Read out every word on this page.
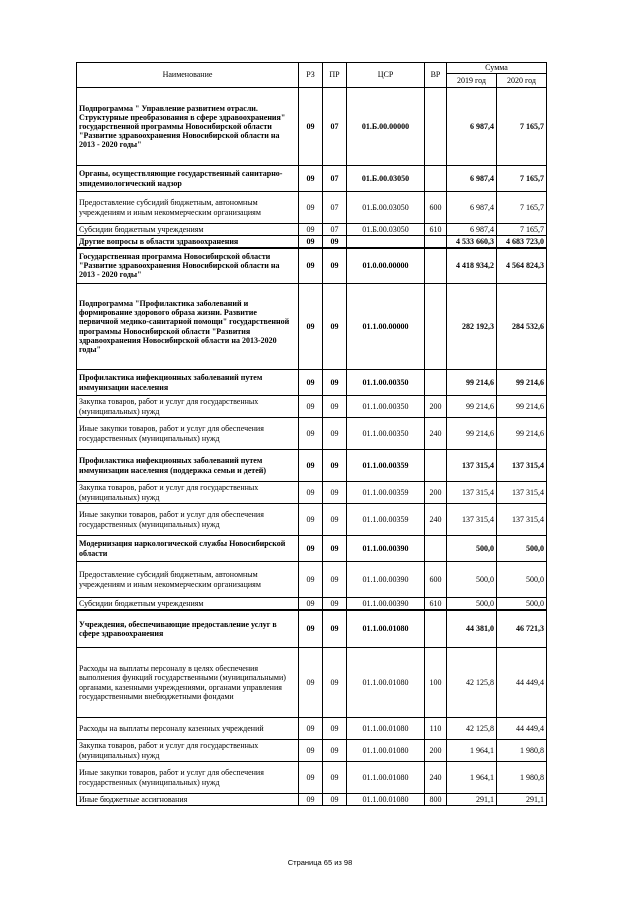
Наименование	РЗ	ПР	ЦСР	ВР	Сумма	
					2019 год	2020 год
Подпрограмма " Управление развитием отрасли. Структурные преобразования в сфере здравоохранения" государственной программы Новосибирской области "Развитие здравоохранения Новосибирской области на 2013 - 2020 годы"	09	07	01.Б.00.00000		6 987,4	7 165,7
Органы, осуществляющие государственный санитарно-эпидемиологический надзор	09	07	01.Б.00.03050		6 987,4	7 165,7
Предоставление субсидий бюджетным, автономным учреждениям и иным некоммерческим организациям	09	07	01.Б.00.03050	600	6 987,4	7 165,7
Субсидии бюджетным учреждениям	09	07	01.Б.00.03050	610	6 987,4	7 165,7
Другие вопросы в области здравоохранения	09	09			4 533 660,3	4 683 723,0
Государственная программа Новосибирской области "Развитие здравоохранения Новосибирской области на 2013 - 2020 годы"	09	09	01.0.00.00000		4 418 934,2	4 564 824,3
Подпрограмма "Профилактика заболеваний и формирование здорового образа жизни. Развитие первичной медико-санитарной помощи" государственной программы Новосибирской области "Развития здравоохранения Новосибирской области на 2013-2020 годы"	09	09	01.1.00.00000		282 192,3	284 532,6
Профилактика инфекционных заболеваний путем иммунизации населения	09	09	01.1.00.00350		99 214,6	99 214,6
Закупка товаров, работ и услуг для государственных (муниципальных) нужд	09	09	01.1.00.00350	200	99 214,6	99 214,6
Иные закупки товаров, работ и услуг для обеспечения государственных (муниципальных) нужд	09	09	01.1.00.00350	240	99 214,6	99 214,6
Профилактика инфекционных заболеваний путем иммунизации населения (поддержка семьи и детей)	09	09	01.1.00.00359		137 315,4	137 315,4
Закупка товаров, работ и услуг для государственных (муниципальных) нужд	09	09	01.1.00.00359	200	137 315,4	137 315,4
Иные закупки товаров, работ и услуг для обеспечения государственных (муниципальных) нужд	09	09	01.1.00.00359	240	137 315,4	137 315,4
Модернизация наркологической службы Новосибирской области	09	09	01.1.00.00390		500,0	500,0
Предоставление субсидий бюджетным, автономным учреждениям и иным некоммерческим организациям	09	09	01.1.00.00390	600	500,0	500,0
Субсидии бюджетным учреждениям	09	09	01.1.00.00390	610	500,0	500,0
Учреждения, обеспечивающие предоставление услуг в сфере здравоохранения	09	09	01.1.00.01080		44 381,0	46 721,3
Расходы на выплаты персоналу в целях обеспечения выполнения функций государственными (муниципальными) органами, казенными учреждениями, органами управления государственными внебюджетными фондами	09	09	01.1.00.01080	100	42 125,8	44 449,4
Расходы на выплаты персоналу казенных учреждений	09	09	01.1.00.01080	110	42 125,8	44 449,4
Закупка товаров, работ и услуг для государственных (муниципальных) нужд	09	09	01.1.00.01080	200	1 964,1	1 980,8
Иные закупки товаров, работ и услуг для обеспечения государственных (муниципальных) нужд	09	09	01.1.00.01080	240	1 964,1	1 980,8
Иные бюджетные ассигнования	09	09	01.1.00.01080	800	291,1	291,1
Страница 65 из 98
